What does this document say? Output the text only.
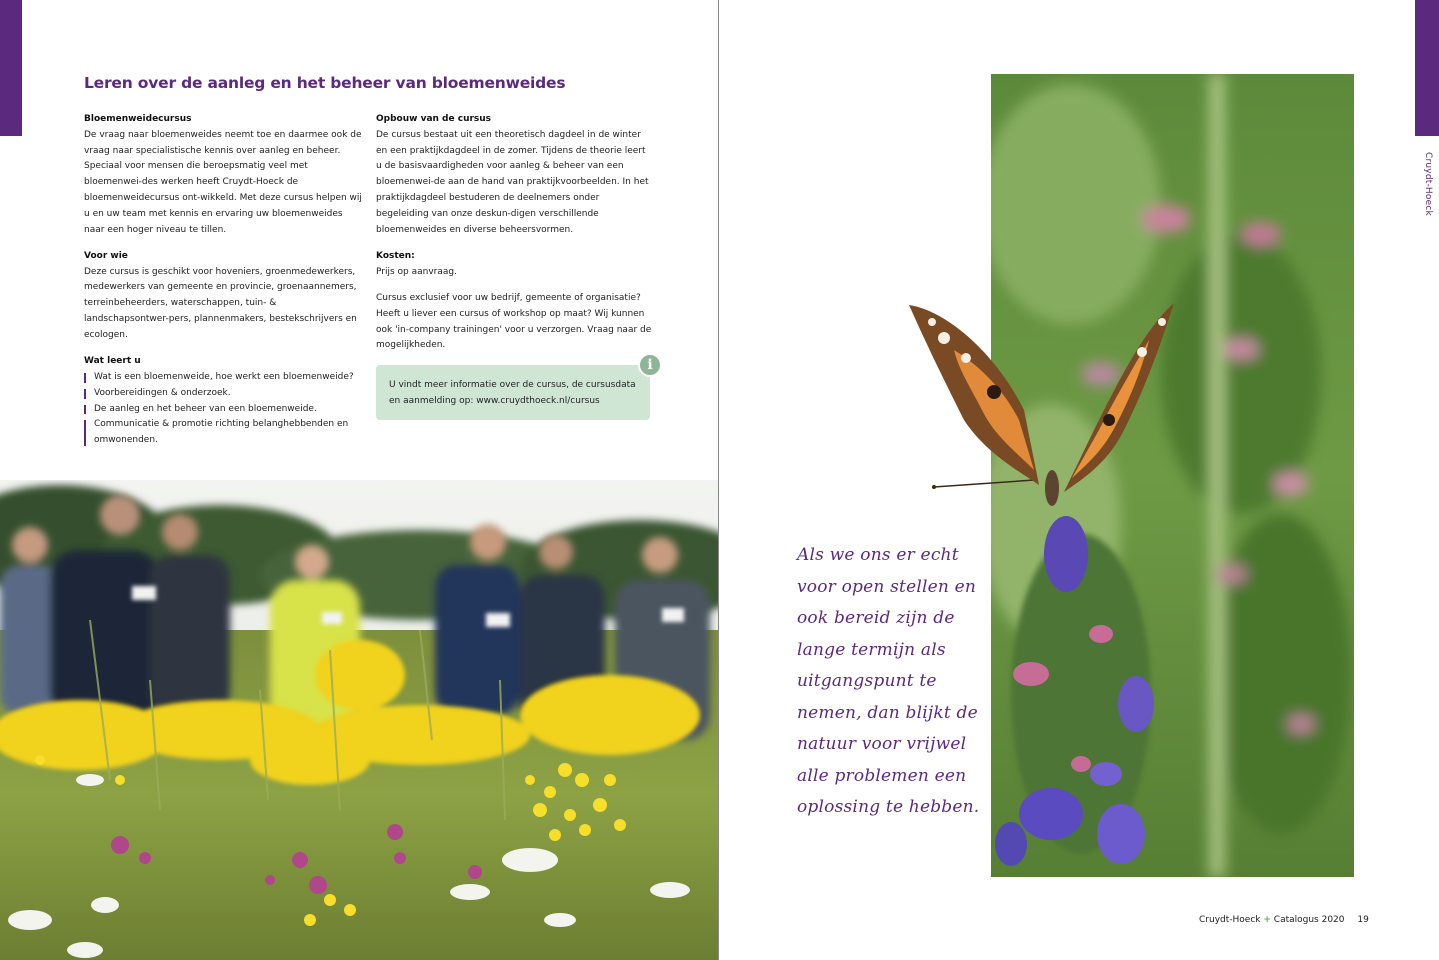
Leren over de aanleg en het beheer van bloemenweides
Bloemenweidecursus

De vraag naar bloemenweides neemt toe en daarmee ook de vraag naar specialistische kennis over aanleg en beheer. Speciaal voor mensen die beroepsmatig veel met bloemenwei-des werken heeft Cruydt-Hoeck de bloemenweidecursus ont-wikkeld. Met deze cursus helpen wij u en uw team met kennis en ervaring uw bloemenweides naar een hoger niveau te tillen.

Voor wie

Deze cursus is geschikt voor hoveniers, groenmedewerkers, medewerkers van gemeente en provincie, groenaannemers, terreinbeheerders, waterschappen, tuin- & landschapsontwer-pers, plannenmakers, bestekschrijvers en ecologen.

Wat leert u
Wat is een bloemenweide, hoe werkt een bloemenweide?
Voorbereidingen & onderzoek.
De aanleg en het beheer van een bloemenweide.
Communicatie & promotie richting belanghebbenden en omwonenden.
Opbouw van de cursus

De cursus bestaat uit een theoretisch dagdeel in de winter en een praktijkdagdeel in de zomer. Tijdens de theorie leert u de basisvaardigheden voor aanleg & beheer van een bloemenwei-de aan de hand van praktijkvoorbeelden. In het praktijkdagdeel bestuderen de deelnemers onder begeleiding van onze deskun-digen verschillende bloemenweides en diverse beheersvormen.

Kosten:

Prijs op aanvraag.

Cursus exclusief voor uw bedrijf, gemeente of organisatie? Heeft u liever een cursus of workshop op maat? Wij kunnen ook 'in-company trainingen' voor u verzorgen. Vraag naar de mogelijkheden.

U vindt meer informatie over de cursus, de cursusdata en aanmelding op: www.cruydthoeck.nl/cursus
i
Cruydt-Hoeck
Als we ons er echt voor open stellen en ook bereid zijn de lange termijn als uitgangspunt te nemen, dan blijkt de natuur voor vrijwel alle problemen een oplossing te hebben.
Cruydt-Hoeck + Catalogus 2020 19
